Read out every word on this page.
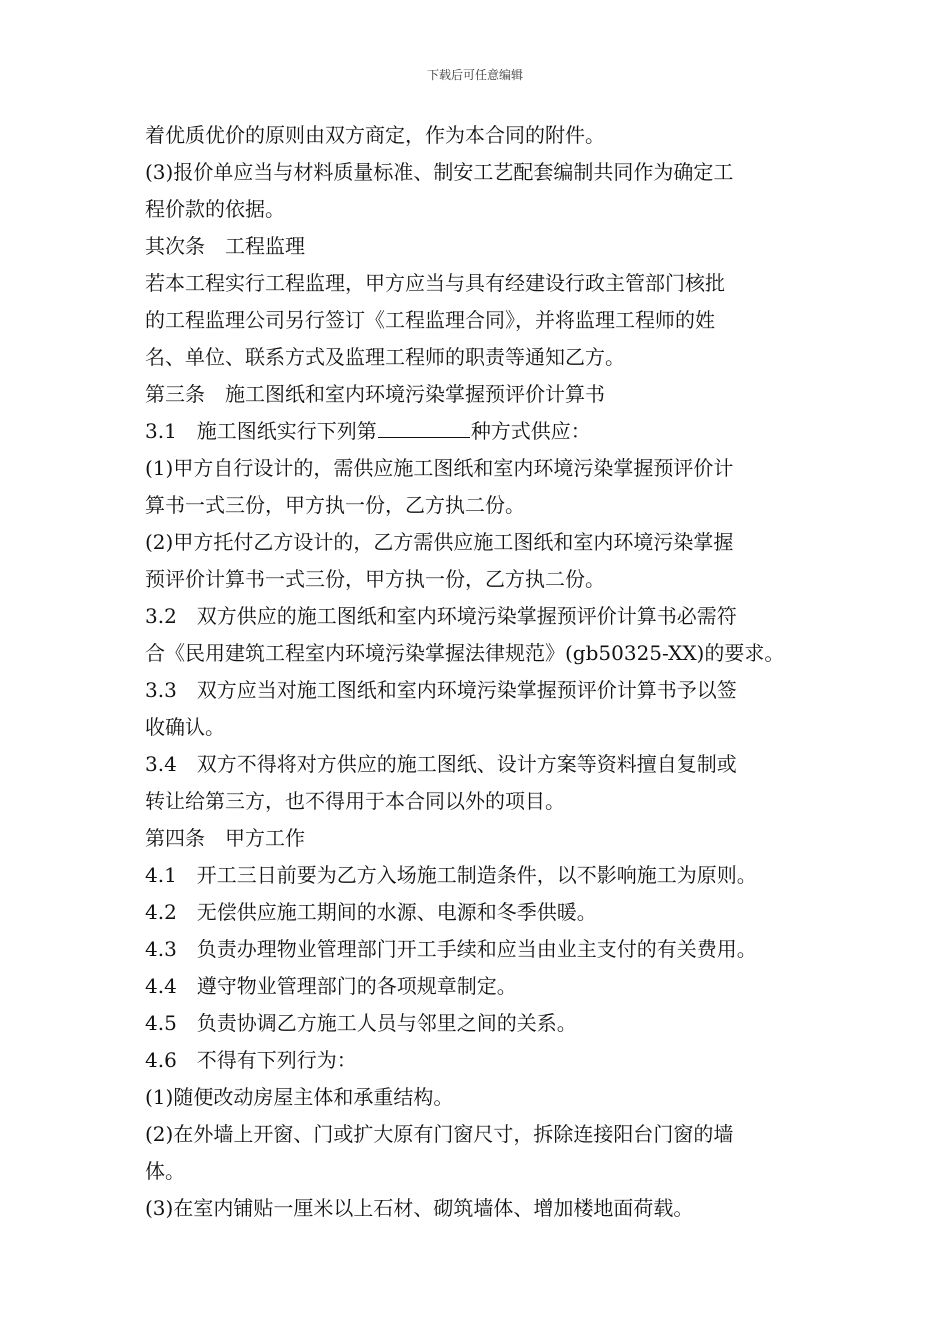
下载后可任意编辑
着优质优价的原则由双方商定，作为本合同的附件。
(3)报价单应当与材料质量标准、制安工艺配套编制共同作为确定工
程价款的依据。
其次条　工程监理
若本工程实行工程监理，甲方应当与具有经建设行政主管部门核批
的工程监理公司另行签订《工程监理合同》，并将监理工程师的姓
名、单位、联系方式及监理工程师的职责等通知乙方。
第三条　施工图纸和室内环境污染掌握预评价计算书
3.1　施工图纸实行下列第	种方式供应：
(1)甲方自行设计的，需供应施工图纸和室内环境污染掌握预评价计
算书一式三份，甲方执一份，乙方执二份。
(2)甲方托付乙方设计的，乙方需供应施工图纸和室内环境污染掌握
预评价计算书一式三份，甲方执一份，乙方执二份。
3.2　双方供应的施工图纸和室内环境污染掌握预评价计算书必需符
合《民用建筑工程室内环境污染掌握法律规范》(gb50325-XX)的要求。
3.3　双方应当对施工图纸和室内环境污染掌握预评价计算书予以签
收确认。
3.4　双方不得将对方供应的施工图纸、设计方案等资料擅自复制或
转让给第三方，也不得用于本合同以外的项目。
第四条　甲方工作
4.1　开工三日前要为乙方入场施工制造条件，以不影响施工为原则。
4.2　无偿供应施工期间的水源、电源和冬季供暖。
4.3　负责办理物业管理部门开工手续和应当由业主支付的有关费用。
4.4　遵守物业管理部门的各项规章制定。
4.5　负责协调乙方施工人员与邻里之间的关系。
4.6　不得有下列行为：
(1)随便改动房屋主体和承重结构。
(2)在外墙上开窗、门或扩大原有门窗尺寸，拆除连接阳台门窗的墙
体。
(3)在室内铺贴一厘米以上石材、砌筑墙体、增加楼地面荷载。
